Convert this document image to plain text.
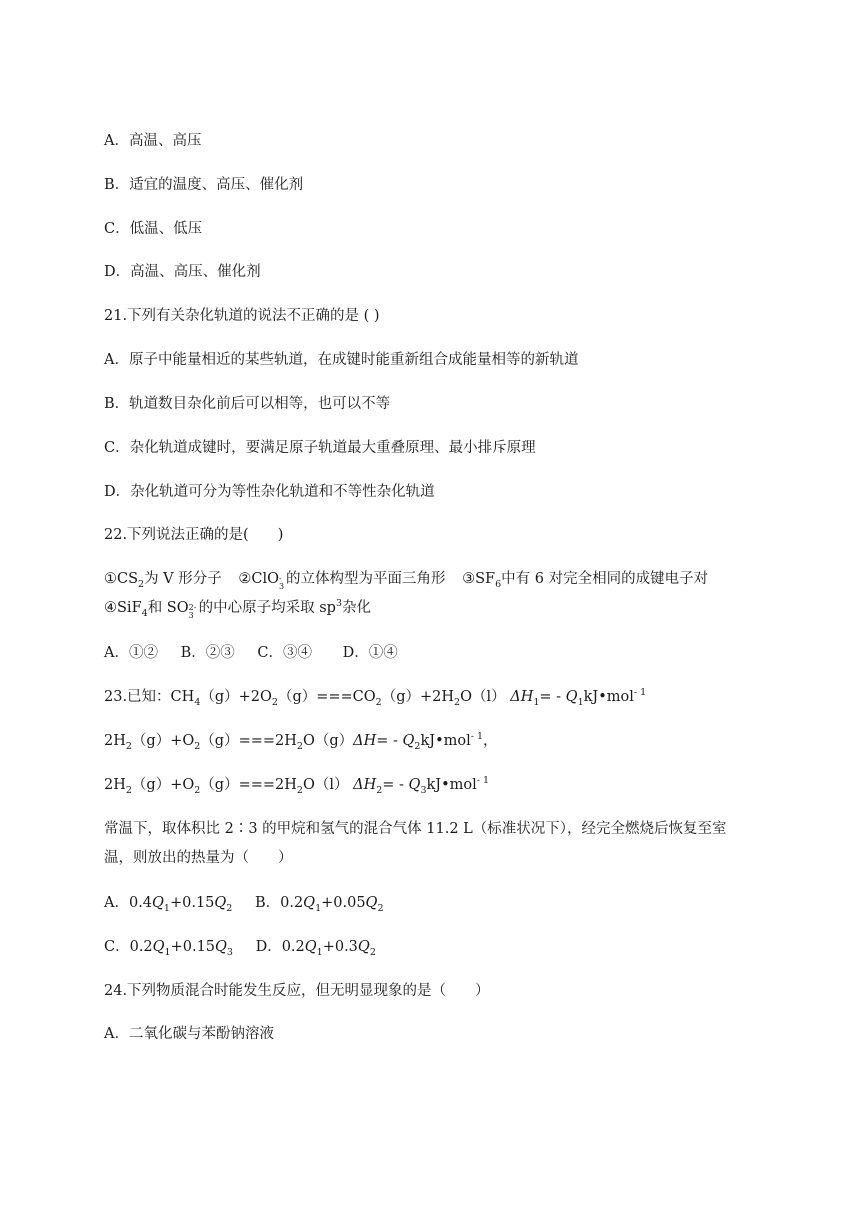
A．高温、高压
B．适宜的温度、高压、催化剂
C．低温、低压
D．高温、高压、催化剂
21.下列有关杂化轨道的说法不正确的是 ( )
A．原子中能量相近的某些轨道，在成键时能重新组合成能量相等的新轨道
B．轨道数目杂化前后可以相等，也可以不等
C．杂化轨道成键时，要满足原子轨道最大重叠原理、最小排斥原理
D．杂化轨道可分为等性杂化轨道和不等性杂化轨道
22.下列说法正确的是(　　)
$①CS_2$为 V 形分子 ②ClO -
3 的立体构型为平面三角形 $③SF_6$中有 6 对完全相同的成键电子对
④SiF$_4$和 SO 2-
3 的中心原子均采取 $sp^3$杂化
A．①② B．②③ C．③④ D．①④
23.已知：$CH_4(g)+2O_2(g)===CO_2(g)+2H_2O(l)$ $\Delta H_1=$ - $Q_1kJ•mol^{- 1}$
$2H_2(g)+O_2(g)===2H_2O(g)\Delta H=$ - $Q_2kJ•mol^{- 1}$，
$2H_2(g)+O_2(g)===2H_2O(l)$ $\Delta H_2=$ - $Q_3kJ•mol^{- 1}$
常温下，取体积比 2∶3 的甲烷和氢气的混合气体 11.2 L（标准状况下），经完全燃烧后恢复至室
温，则放出的热量为（　　）
A．$0.4Q_1+0.15Q_2$ B．$0.2Q_1+0.05Q_2$
C．$0.2Q_1+0.15Q_3$ D．$0.2Q_1+0.3Q_2$
24.下列物质混合时能发生反应，但无明显现象的是（　　）
A．二氧化碳与苯酚钠溶液
